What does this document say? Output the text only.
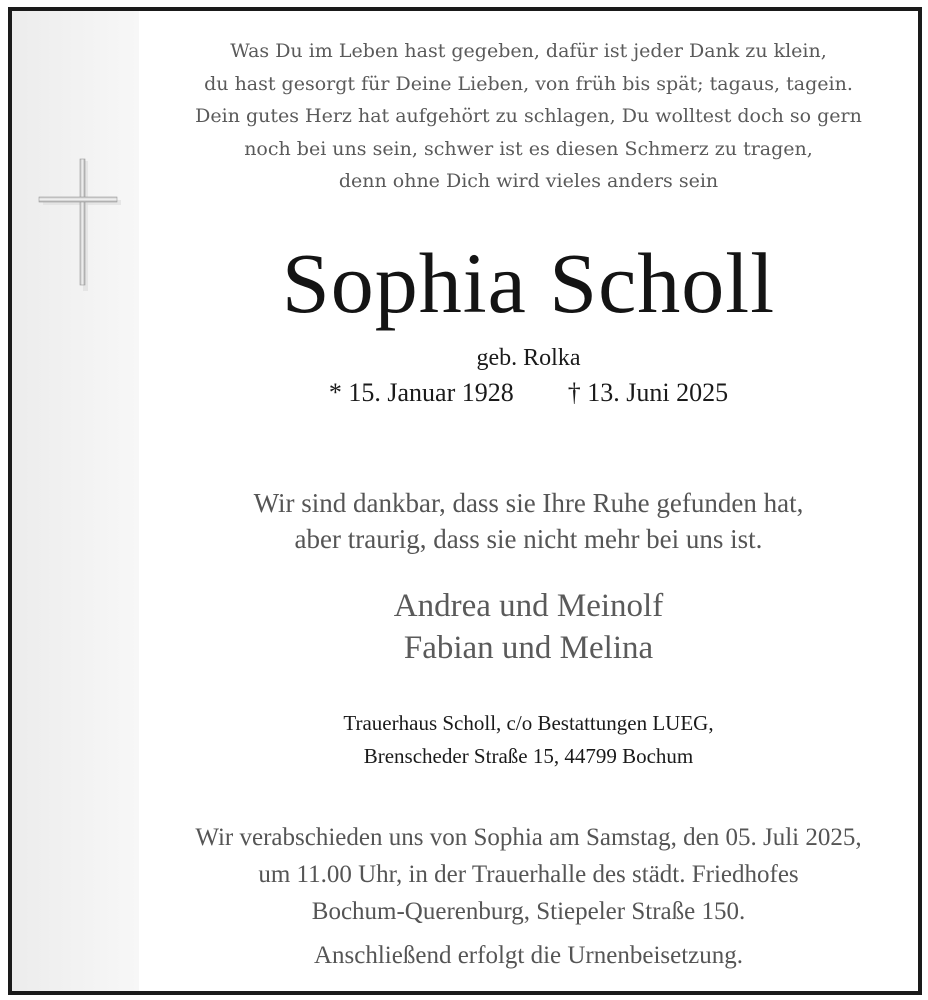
Was Du im Leben hast gegeben, dafür ist jeder Dank zu klein,
du hast gesorgt für Deine Lieben, von früh bis spät; tagaus, tagein.
Dein gutes Herz hat aufgehört zu schlagen, Du wolltest doch so gern
noch bei uns sein, schwer ist es diesen Schmerz zu tragen,
denn ohne Dich wird vieles anders sein
Sophia Scholl
geb. Rolka
* 15. Januar 1928 † 13. Juni 2025
Wir sind dankbar, dass sie Ihre Ruhe gefunden hat,
aber traurig, dass sie nicht mehr bei uns ist.
Andrea und Meinolf
Fabian und Melina
Trauerhaus Scholl, c/o Bestattungen LUEG,
Brenscheder Straße 15, 44799 Bochum
Wir verabschieden uns von Sophia am Samstag, den 05. Juli 2025,
um 11.00 Uhr, in der Trauerhalle des städt. Friedhofes
Bochum-Querenburg, Stiepeler Straße 150.
Anschließend erfolgt die Urnenbeisetzung.
